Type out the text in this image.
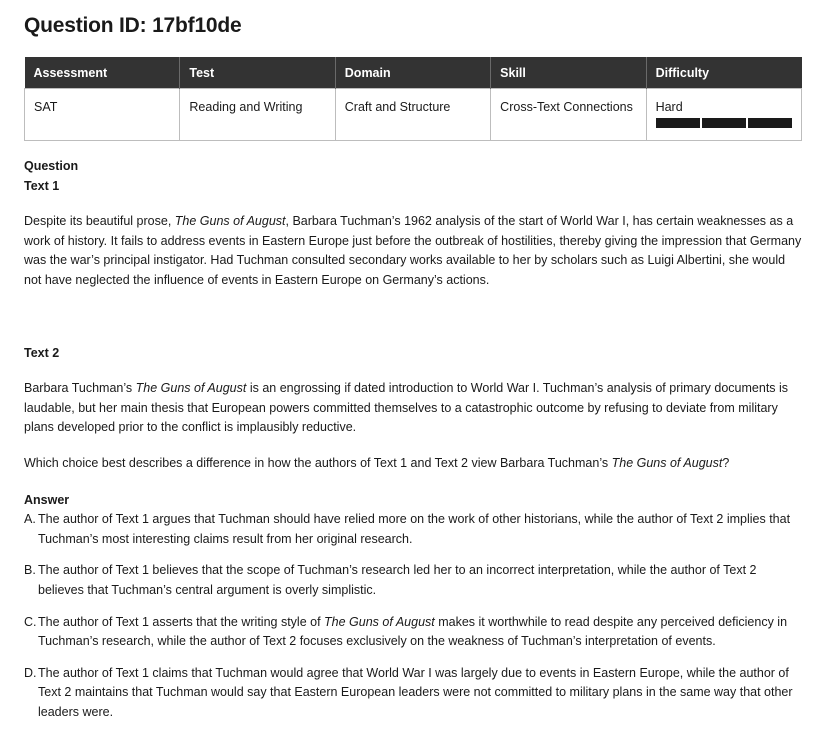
Question ID: 17bf10de
Assessment	Test	Domain	Skill	Difficulty
SAT	Reading and Writing	Craft and Structure	Cross-Text Connections	Hard

Question

Text 1

Despite its beautiful prose, The Guns of August, Barbara Tuchman’s 1962 analysis of the start of World War I, has certain weaknesses as a work of history. It fails to address events in Eastern Europe just before the outbreak of hostilities, thereby giving the impression that Germany was the war’s principal instigator. Had Tuchman consulted secondary works available to her by scholars such as Luigi Albertini, she would not have neglected the influence of events in Eastern Europe on Germany’s actions.

Text 2

Barbara Tuchman’s The Guns of August is an engrossing if dated introduction to World War I. Tuchman’s analysis of primary documents is laudable, but her main thesis that European powers committed themselves to a catastrophic outcome by refusing to deviate from military plans developed prior to the conflict is implausibly reductive.

Which choice best describes a difference in how the authors of Text 1 and Text 2 view Barbara Tuchman’s The Guns of August?

Answer

A. The author of Text 1 argues that Tuchman should have relied more on the work of other historians, while the author of Text 2 implies that Tuchman’s most interesting claims result from her original research.
B. The author of Text 1 believes that the scope of Tuchman’s research led her to an incorrect interpretation, while the author of Text 2 believes that Tuchman’s central argument is overly simplistic.
C. The author of Text 1 asserts that the writing style of The Guns of August makes it worthwhile to read despite any perceived deficiency in Tuchman’s research, while the author of Text 2 focuses exclusively on the weakness of Tuchman’s interpretation of events.
D. The author of Text 1 claims that Tuchman would agree that World War I was largely due to events in Eastern Europe, while the author of Text 2 maintains that Tuchman would say that Eastern European leaders were not committed to military plans in the same way that other leaders were.
